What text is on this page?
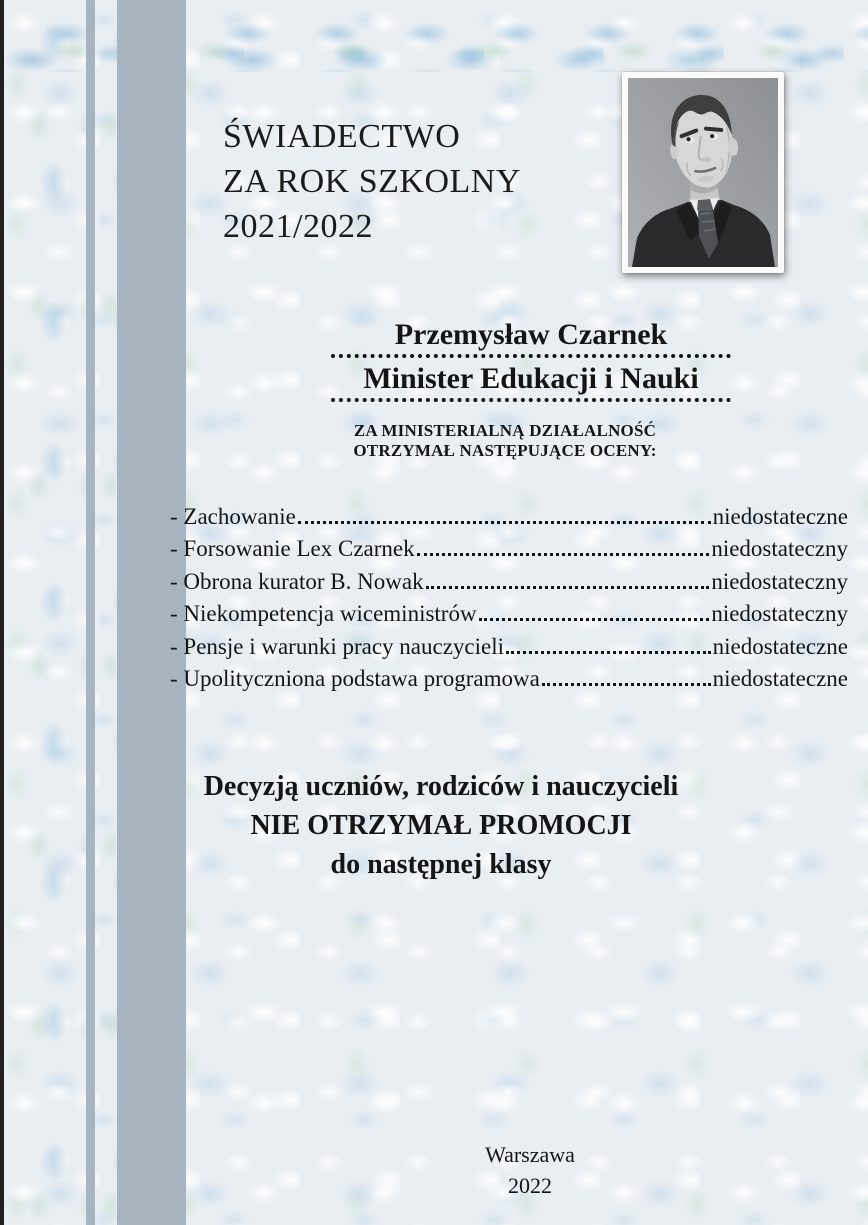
ŚWIADECTWO
ZA ROK SZKOLNY
2021/2022
Przemysław Czarnek
Minister Edukacji i Nauki
ZA MINISTERIALNĄ DZIAŁALNOŚĆ
OTRZYMAŁ NASTĘPUJĄCE OCENY:
- Zachowanie	niedostateczne
- Forsowanie Lex Czarnek	niedostateczny
- Obrona kurator B. Nowak	niedostateczny
- Niekompetencja wiceministrów	niedostateczny
- Pensje i warunki pracy nauczycieli	niedostateczne
- Upolityczniona podstawa programowa	niedostateczne
Decyzją uczniów, rodziców i nauczycieli
NIE OTRZYMAŁ PROMOCJI
do następnej klasy
Warszawa
2022
